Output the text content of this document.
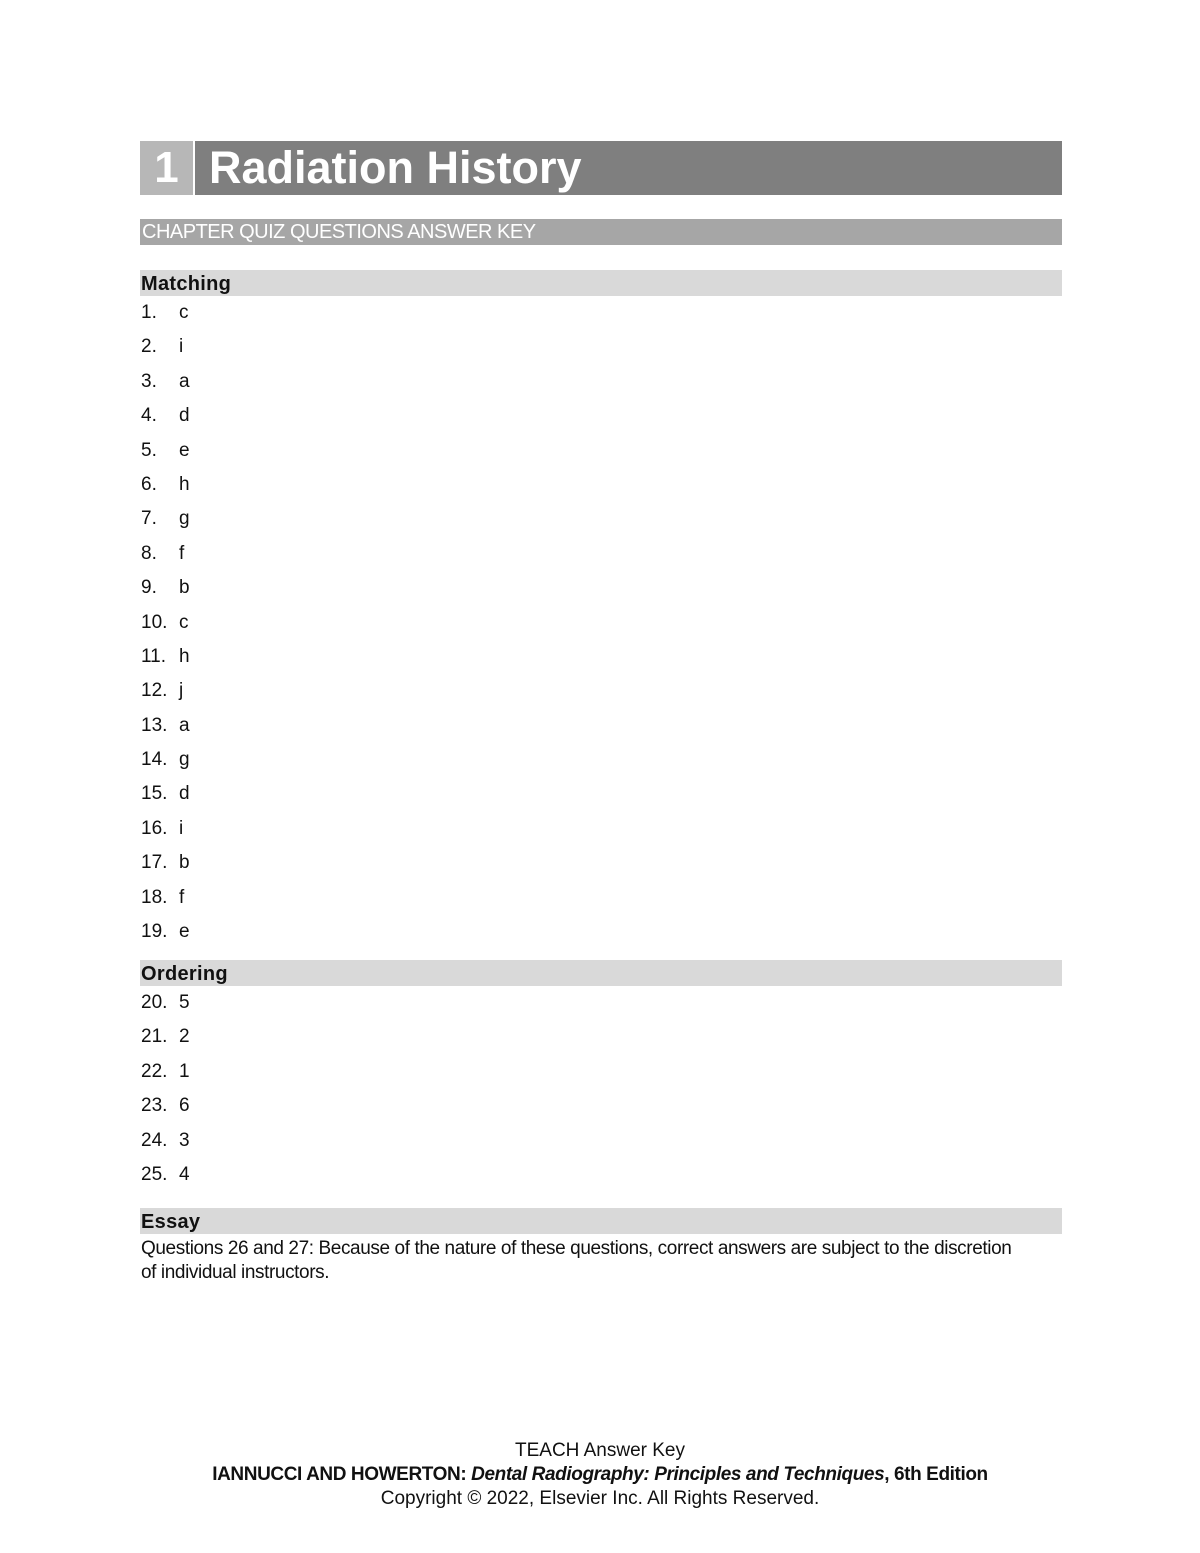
1 Radiation History
CHAPTER QUIZ QUESTIONS ANSWER KEY
Matching
1.	c
2.	i
3.	a
4.	d
5.	e
6.	h
7.	g
8.	f
9.	b
10. c
11. h
12. j
13. a
14. g
15. d
16. i
17. b
18. f
19. e
Ordering
20. 5
21. 2
22. 1
23. 6
24. 3
25. 4
Essay
Questions 26 and 27: Because of the nature of these questions, correct answers are subject to the discretion of individual instructors.
TEACH Answer Key
IANNUCCI AND HOWERTON: Dental Radiography: Principles and Techniques, 6th Edition
Copyright © 2022, Elsevier Inc. All Rights Reserved.
